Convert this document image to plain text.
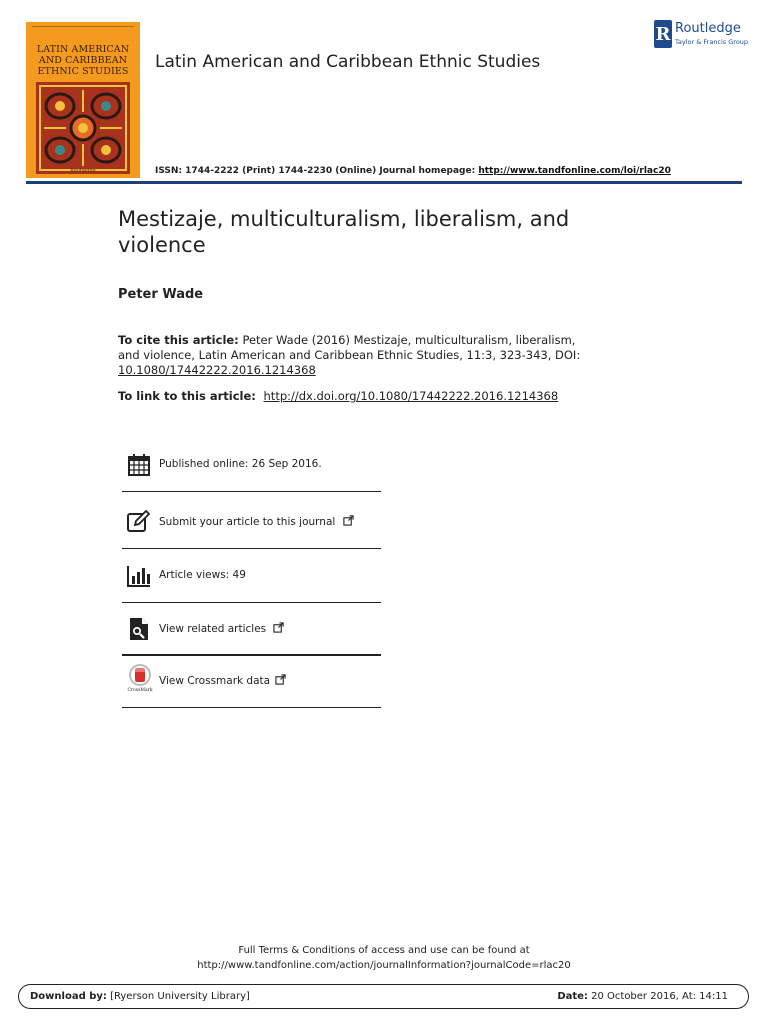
LATIN AMERICAN
AND CARIBBEAN
ETHNIC STUDIES
Routledge
Latin American and Caribbean Ethnic Studies
R Routledge
Taylor & Francis Group
ISSN: 1744-2222 (Print) 1744-2230 (Online) Journal homepage: http://www.tandfonline.com/loi/rlac20
Mestizaje, multiculturalism, liberalism, and violence
Peter Wade
To cite this article: Peter Wade (2016) Mestizaje, multiculturalism, liberalism, and violence, Latin American and Caribbean Ethnic Studies, 11:3, 323-343, DOI: 10.1080/17442222.2016.1214368
To link to this article: http://dx.doi.org/10.1080/17442222.2016.1214368
Published online: 26 Sep 2016.
Submit your article to this journal
Article views: 49
View related articles
CrossMark
View Crossmark data
Full Terms & Conditions of access and use can be found at
http://www.tandfonline.com/action/journalInformation?journalCode=rlac20
Download by: [Ryerson University Library]	Date: 20 October 2016, At: 14:11
